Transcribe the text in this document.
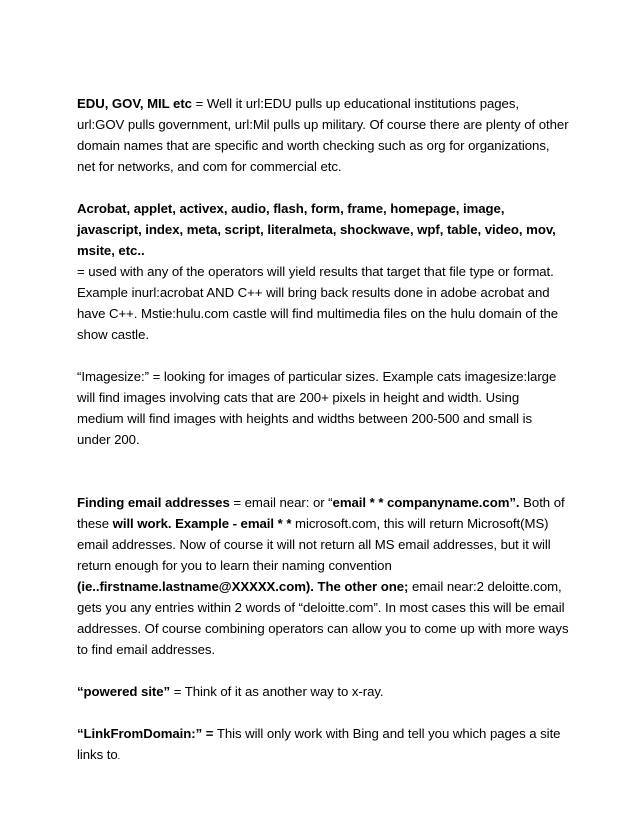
EDU, GOV, MIL etc = Well it url:EDU pulls up educational institutions pages, url:GOV pulls government, url:Mil pulls up military. Of course there are plenty of other domain names that are specific and worth checking such as org for organizations, net for networks, and com for commercial etc.

Acrobat, applet, activex, audio, flash, form, frame, homepage, image, javascript, index, meta, script, literalmeta, shockwave, wpf, table, video, mov, msite, etc..
= used with any of the operators will yield results that target that file type or format. Example inurl:acrobat AND C++ will bring back results done in adobe acrobat and have C++. Mstie:hulu.com castle will find multimedia files on the hulu domain of the show castle.

“Imagesize:” = looking for images of particular sizes. Example cats imagesize:large will find images involving cats that are 200+ pixels in height and width. Using medium will find images with heights and widths between 200-500 and small is under 200.

Finding email addresses = email near: or “email * * companyname.com”. Both of these will work. Example - email * * microsoft.com, this will return Microsoft(MS) email addresses. Now of course it will not return all MS email addresses, but it will return enough for you to learn their naming convention (ie..firstname.lastname@XXXXX.com). The other one; email near:2 deloitte.com, gets you any entries within 2 words of “deloitte.com”. In most cases this will be email addresses. Of course combining operators can allow you to come up with more ways to find email addresses.

“powered site” = Think of it as another way to x-ray.

“LinkFromDomain:” = This will only work with Bing and tell you which pages a site links to.
